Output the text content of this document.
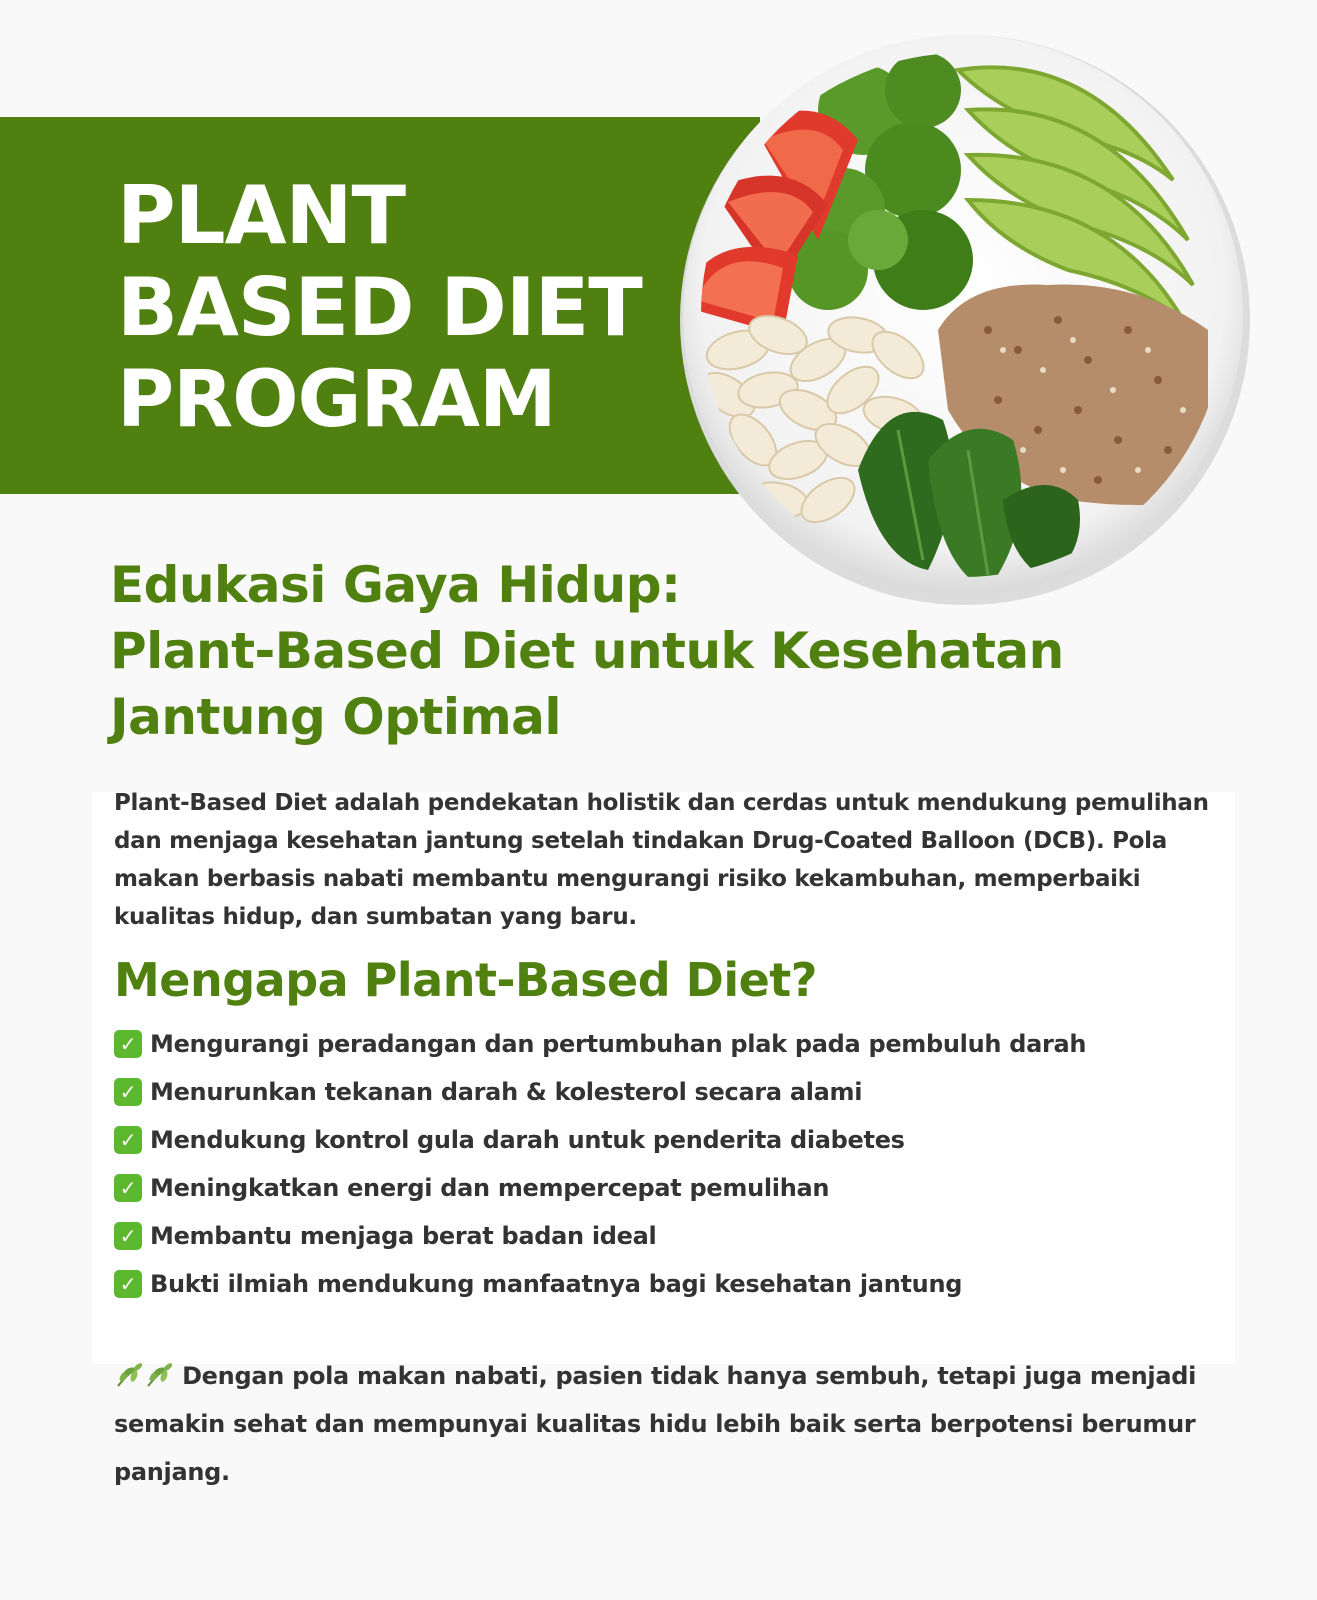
PLANT
BASED DIET
PROGRAM
Edukasi Gaya Hidup:
Plant-Based Diet untuk Kesehatan
Jantung Optimal

Plant-Based Diet adalah pendekatan holistik dan cerdas untuk mendukung pemulihan dan menjaga kesehatan jantung setelah tindakan Drug-Coated Balloon (DCB). Pola makan berbasis nabati membantu mengurangi risiko kekambuhan, memperbaiki kualitas hidup, dan sumbatan yang baru.

Mengapa Plant-Based Diet?
✓ Mengurangi peradangan dan pertumbuhan plak pada pembuluh darah
✓ Menurunkan tekanan darah & kolesterol secara alami
✓ Mendukung kontrol gula darah untuk penderita diabetes
✓ Meningkatkan energi dan mempercepat pemulihan
✓ Membantu menjaga berat badan ideal
✓ Bukti ilmiah mendukung manfaatnya bagi kesehatan jantung

Dengan pola makan nabati, pasien tidak hanya sembuh, tetapi juga menjadi semakin sehat dan mempunyai kualitas hidu lebih baik serta berpotensi berumur panjang.
